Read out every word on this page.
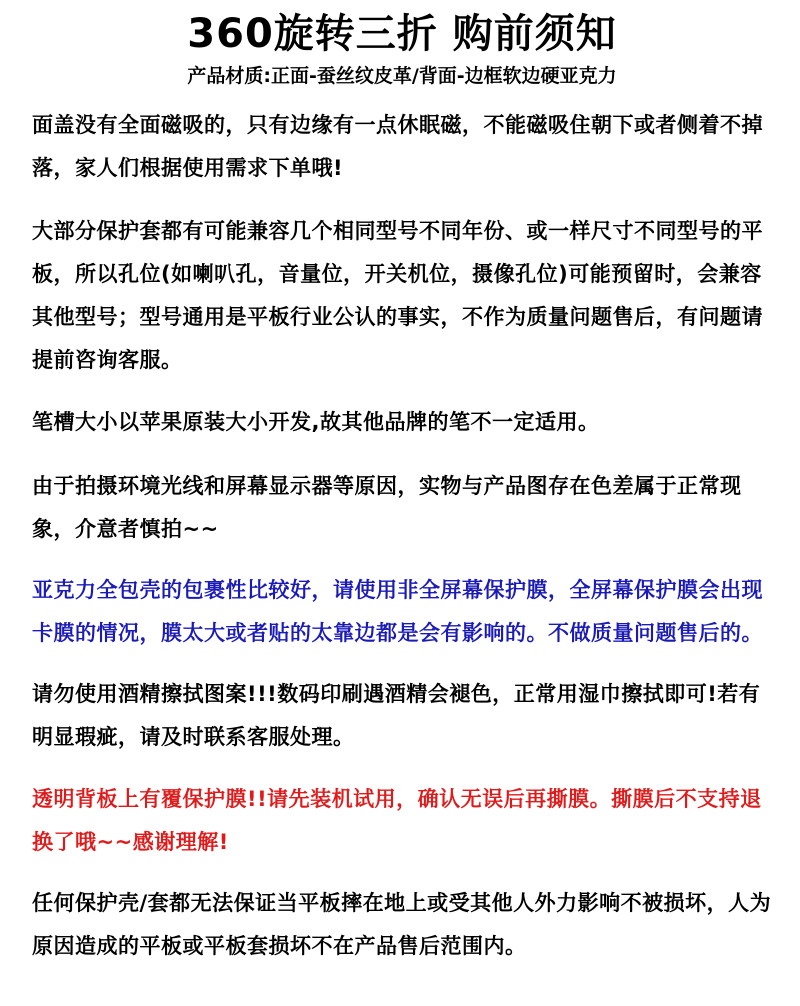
360旋转三折 购前须知

产品材质:正面-蚕丝纹皮革/背面-边框软边硬亚克力

面盖没有全面磁吸的，只有边缘有一点休眠磁，不能磁吸住朝下或者侧着不掉落，家人们根据使用需求下单哦!

大部分保护套都有可能兼容几个相同型号不同年份、或一样尺寸不同型号的平板，所以孔位(如喇叭孔，音量位，开关机位，摄像孔位)可能预留时，会兼容其他型号；型号通用是平板行业公认的事实，不作为质量问题售后，有问题请提前咨询客服。

笔槽大小以苹果原装大小开发,故其他品牌的笔不一定适用。

由于拍摄环境光线和屏幕显示器等原因，实物与产品图存在色差属于正常现象，介意者慎拍~~

亚克力全包壳的包裹性比较好，请使用非全屏幕保护膜，全屏幕保护膜会出现卡膜的情况，膜太大或者贴的太靠边都是会有影响的。不做质量问题售后的。

请勿使用酒精擦拭图案!!!数码印刷遇酒精会褪色，正常用湿巾擦拭即可!若有明显瑕疵，请及时联系客服处理。

透明背板上有覆保护膜!!请先装机试用，确认无误后再撕膜。撕膜后不支持退换了哦~~感谢理解!

任何保护壳/套都无法保证当平板摔在地上或受其他人外力影响不被损坏，人为原因造成的平板或平板套损坏不在产品售后范围内。
